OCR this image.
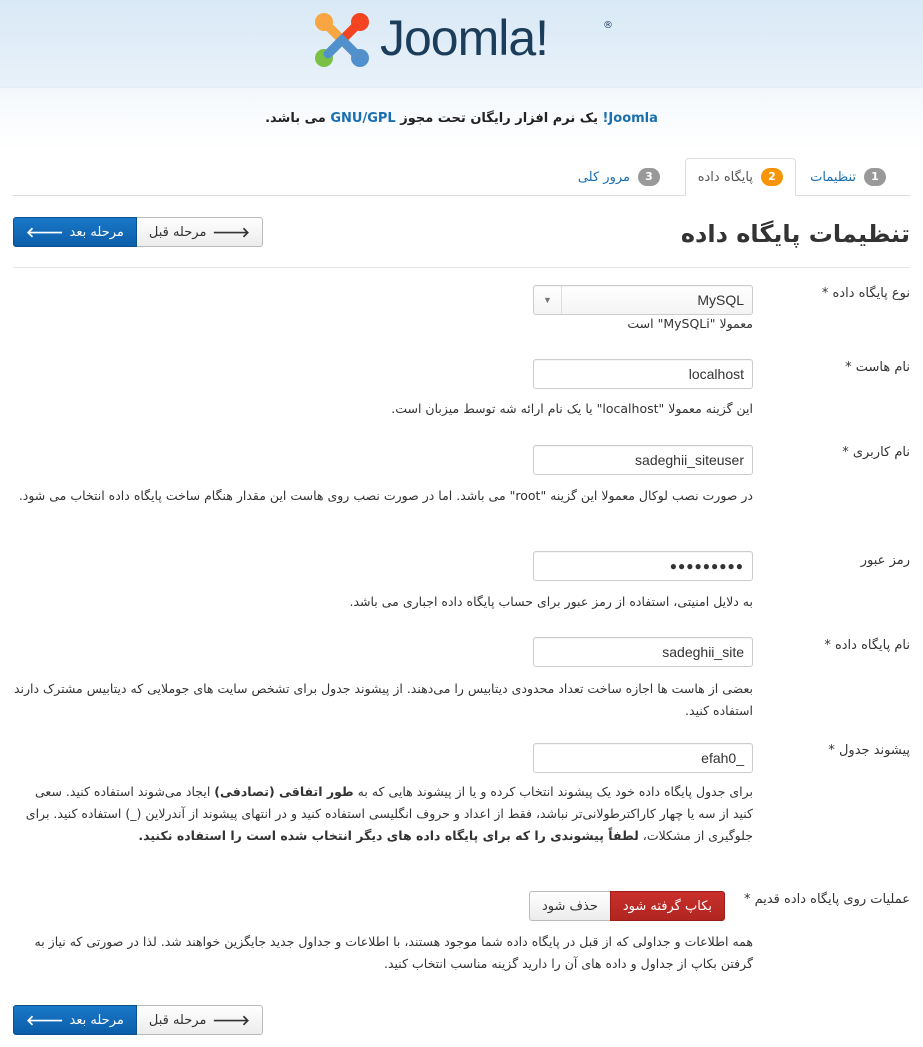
Joomla!	®
Joomla! یک نرم افزار رایگان تحت مجوز GNU/GPL می باشد.
1
تنظیمات
2
پایگاه داده
3
مرور کلی
مرحله بعد
🡐	🡒
مرحله قبل	تنظیمات پایگاه داده
نوع پایگاه داده *
▼	MySQL
معمولا "MySQLi" است
نام هاست *
localhost
این گزینه معمولا "localhost" یا یک نام ارائه شه توسط میزبان است.
نام کاربری *
sadeghii_siteuser
در صورت نصب لوکال معمولا این گزینه "root" می باشد. اما در صورت نصب روی هاست این مقدار هنگام ساخت پایگاه داده انتخاب می شود.
رمز عبور
●●●●●●●●●
به دلایل امنیتی، استفاده از رمز عبور برای حساب پایگاه داده اجباری می باشد.
نام پایگاه داده *
sadeghii_site
بعضی از هاست ها اجازه ساخت تعداد محدودی دیتابیس را می‌دهند. از پیشوند جدول برای تشخص سایت های جوملایی که دیتابیس مشترک دارند استفاده کنید.
پیشوند جدول *
efah0_
برای جدول پایگاه داده خود یک پیشوند انتخاب کرده و یا از پیشوند هایی که به طور اتفاقی (تصادفی) ایجاد می‌شوند استفاده کنید. سعی کنید از سه یا چهار کاراکترطولانی‌تر نباشد، فقط از اعداد و حروف انگلیسی استفاده کنید و در انتهای پیشوند از آندرلاین (_) استفاده کنید. برای جلوگیری از مشکلات، لطفاً پیشوندی را که برای پایگاه داده های دیگر انتخاب شده است را استفاده نکنید.
عملیات روی پایگاه داده قدیم *
حذف شود	بکاپ گرفته شود
همه اطلاعات و جداولی که از قبل در پایگاه داده شما موجود هستند، با اطلاعات و جداول جدید جایگزین خواهند شد. لذا در صورتی که نیاز به گرفتن بکاپ از جداول و داده های آن را دارید گزینه مناسب انتخاب کنید.
مرحله بعد
🡐	🡒
مرحله قبل
